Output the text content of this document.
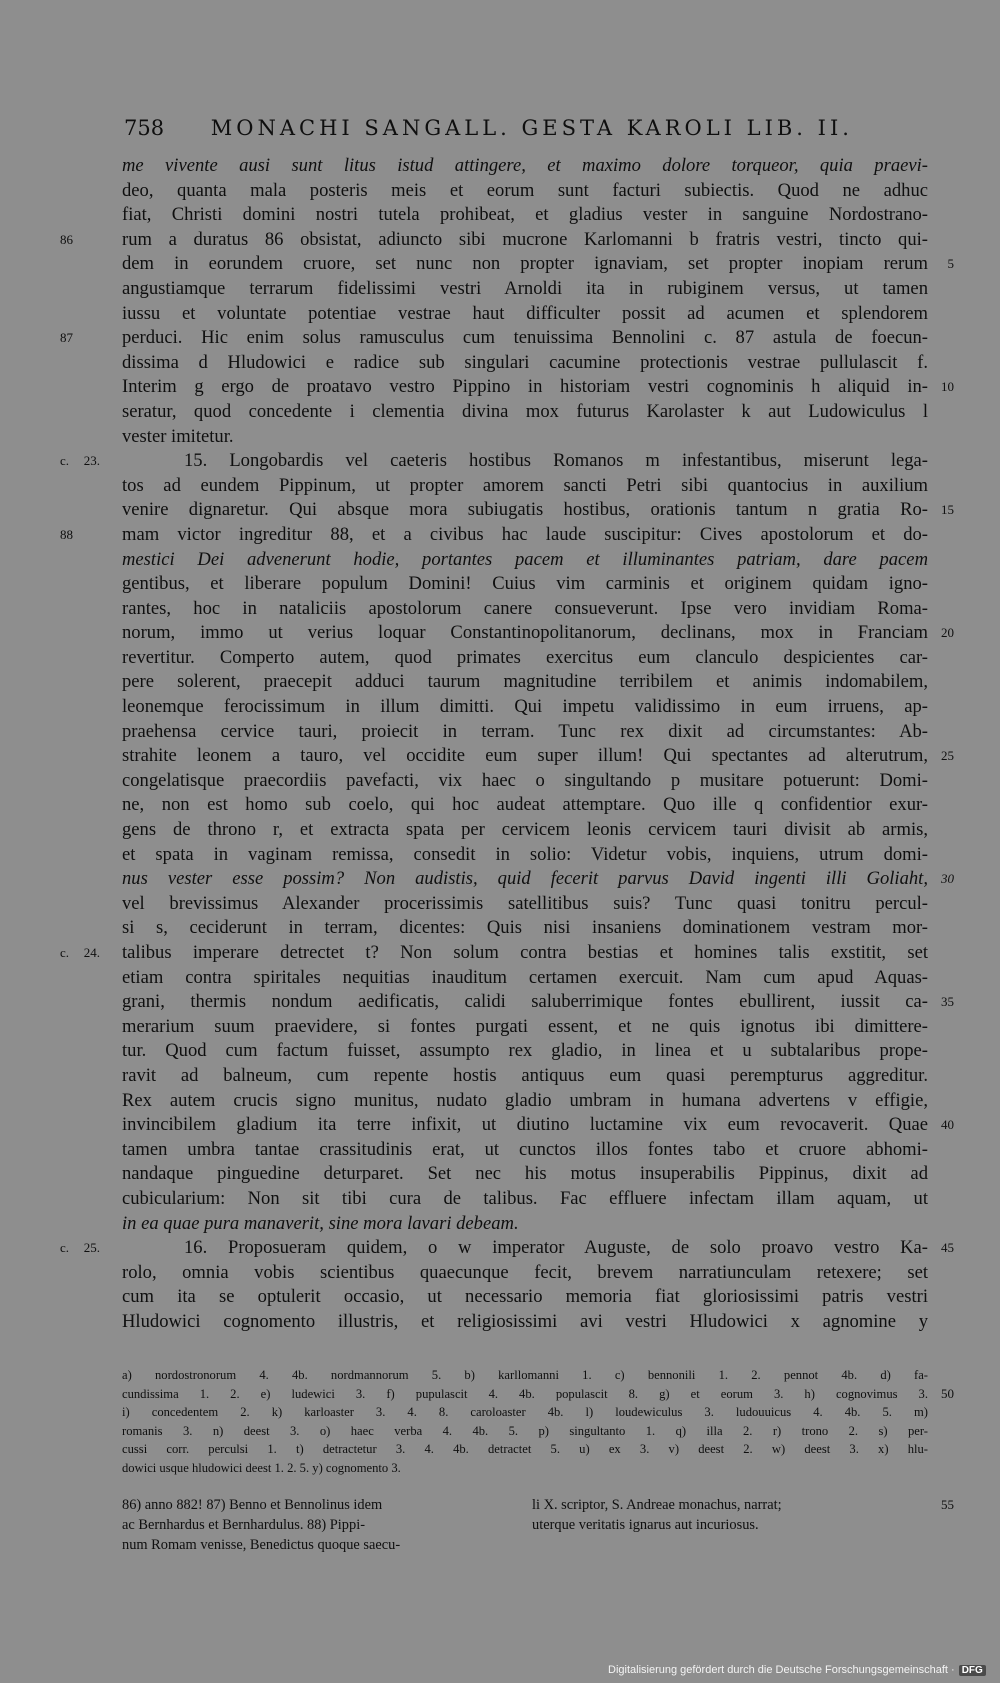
758 MONACHI SANGALL. GESTA KAROLI LIB. II.
me vivente ausi sunt litus istud attingere, et maximo dolore torqueor, quia praevi-
deo, quanta mala posteris meis et eorum sunt facturi subiectis. Quod ne adhuc
fiat, Christi domini nostri tutela prohibeat, et gladius vester in sanguine Nordostrano-
rum a duratus 86 obsistat, adiuncto sibi mucrone Karlomanni b fratris vestri, tincto qui-
86
dem in eorundem cruore, set nunc non propter ignaviam, set propter inopiam rerum 5
angustiamque terrarum fidelissimi vestri Arnoldi ita in rubiginem versus, ut tamen
iussu et voluntate potentiae vestrae haut difficulter possit ad acumen et splendorem
perduci. Hic enim solus ramusculus cum tenuissima Bennolini c. 87 astula de foecun-
87
dissima d Hludowici e radice sub singulari cacumine protectionis vestrae pullulascit f.
Interim g ergo de proatavo vestro Pippino in historiam vestri cognominis h aliquid in- 10
seratur, quod concedente i clementia divina mox futurus Karolaster k aut Ludowiculus l
vester imitetur.
15. Longobardis vel caeteris hostibus Romanos m infestantibus, miserunt lega-
c. 23.
tos ad eundem Pippinum, ut propter amorem sancti Petri sibi quantocius in auxilium
venire dignaretur. Qui absque mora subiugatis hostibus, orationis tantum n gratia Ro- 15
mam victor ingreditur 88, et a civibus hac laude suscipitur: Cives apostolorum et do-
88
mestici Dei advenerunt hodie, portantes pacem et illuminantes patriam, dare pacem
gentibus, et liberare populum Domini! Cuius vim carminis et originem quidam igno-
rantes, hoc in nataliciis apostolorum canere consueverunt. Ipse vero invidiam Roma-
norum, immo ut verius loquar Constantinopolitanorum, declinans, mox in Franciam 20
revertitur. Comperto autem, quod primates exercitus eum clanculo despicientes car-
pere solerent, praecepit adduci taurum magnitudine terribilem et animis indomabilem,
leonemque ferocissimum in illum dimitti. Qui impetu validissimo in eum irruens, ap-
praehensa cervice tauri, proiecit in terram. Tunc rex dixit ad circumstantes: Ab-
strahite leonem a tauro, vel occidite eum super illum! Qui spectantes ad alterutrum, 25
congelatisque praecordiis pavefacti, vix haec o singultando p musitare potuerunt: Domi-
ne, non est homo sub coelo, qui hoc audeat attemptare. Quo ille q confidentior exur-
gens de throno r, et extracta spata per cervicem leonis cervicem tauri divisit ab armis,
et spata in vaginam remissa, consedit in solio: Videtur vobis, inquiens, utrum domi-
nus vester esse possim? Non audistis, quid fecerit parvus David ingenti illi Goliaht, 30
vel brevissimus Alexander procerissimis satellitibus suis? Tunc quasi tonitru percul-
si s, ceciderunt in terram, dicentes: Quis nisi insaniens dominationem vestram mor-
talibus imperare detrectet t? Non solum contra bestias et homines talis exstitit, set
c. 24.
etiam contra spiritales nequitias inauditum certamen exercuit. Nam cum apud Aquas-
grani, thermis nondum aedificatis, calidi saluberrimique fontes ebullirent, iussit ca- 35
merarium suum praevidere, si fontes purgati essent, et ne quis ignotus ibi dimittere-
tur. Quod cum factum fuisset, assumpto rex gladio, in linea et u subtalaribus prope-
ravit ad balneum, cum repente hostis antiquus eum quasi perempturus aggreditur.
Rex autem crucis signo munitus, nudato gladio umbram in humana advertens v effigie,
invincibilem gladium ita terre infixit, ut diutino luctamine vix eum revocaverit. Quae 40
tamen umbra tantae crassitudinis erat, ut cunctos illos fontes tabo et cruore abhomi-
nandaque pinguedine deturparet. Set nec his motus insuperabilis Pippinus, dixit ad
cubicularium: Non sit tibi cura de talibus. Fac effluere infectam illam aquam, ut
in ea quae pura manaverit, sine mora lavari debeam.
16. Proposueram quidem, o w imperator Auguste, de solo proavo vestro Ka-
c. 25.	45
rolo, omnia vobis scientibus quaecunque fecit, brevem narratiunculam retexere; set
cum ita se optulerit occasio, ut necessario memoria fiat gloriosissimi patris vestri
Hludowici cognomento illustris, et religiosissimi avi vestri Hludowici x agnomine y
a) nordostronorum 4. 4b. nordmannorum 5. b) karllomanni 1. c) bennonili 1. 2. pennot 4b. d) fa-
cundissima 1. 2. e) ludewici 3. f) pupulascit 4. 4b. populascit 8. g) et eorum 3. h) cognovimus 3. 50
i) concedentem 2. k) karloaster 3. 4. 8. caroloaster 4b. l) loudewiculus 3. ludouuicus 4. 4b. 5. m)
romanis 3. n) deest 3. o) haec verba 4. 4b. 5. p) singultanto 1. q) illa 2. r) trono 2. s) per-
cussi corr. perculsi 1. t) detractetur 3. 4. 4b. detractet 5. u) ex 3. v) deest 2. w) deest 3. x) hlu-
dowici usque hludowici deest 1. 2. 5. y) cognomento 3.
86) anno 882! 87) Benno et Bennolinus idem
ac Bernhardus et Bernhardulus. 88) Pippi-
num Romam venisse, Benedictus quoque saecu-
55
li X. scriptor, S. Andreae monachus, narrat;
uterque veritatis ignarus aut incuriosus.
Digitalisierung gefördert durch die Deutsche Forschungsgemeinschaft · DFG
